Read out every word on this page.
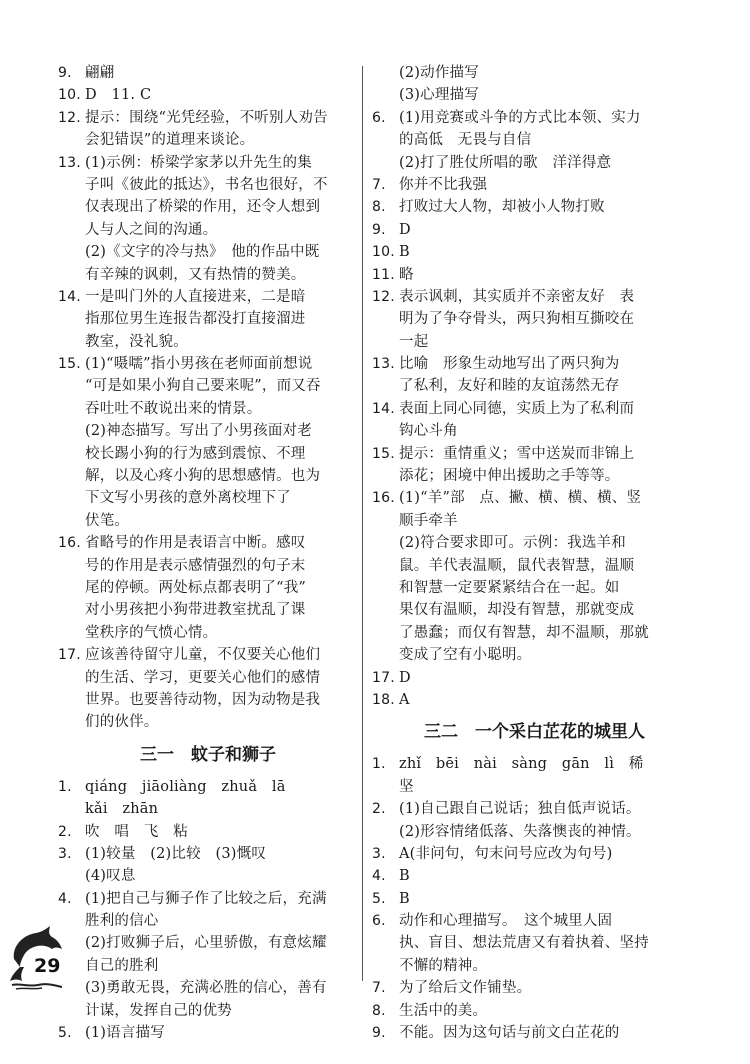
9. 翩翩
10. D　11. C
12. 提示：围绕“光凭经验，不听别人劝告
会犯错误”的道理来谈论。
13. (1)示例：桥梁学家茅以升先生的集
子叫《彼此的抵达》，书名也很好，不
仅表现出了桥梁的作用，还令人想到
人与人之间的沟通。
(2)《文字的冷与热》　他的作品中既
有辛辣的讽刺，又有热情的赞美。
14. 一是叫门外的人直接进来，二是暗
指那位男生连报告都没打直接溜进
教室，没礼貌。
15. (1)“嗫嚅”指小男孩在老师面前想说
“可是如果小狗自己要来呢”，而又吞
吞吐吐不敢说出来的情景。
(2)神态描写。写出了小男孩面对老
校长踢小狗的行为感到震惊、不理
解，以及心疼小狗的思想感情。也为
下文写小男孩的意外离校埋下了
伏笔。
16. 省略号的作用是表语言中断。感叹
号的作用是表示感情强烈的句子末
尾的停顿。两处标点都表明了“我”
对小男孩把小狗带进教室扰乱了课
堂秩序的气愤心情。
17. 应该善待留守儿童，不仅要关心他们
的生活、学习，更要关心他们的感情
世界。也要善待动物，因为动物是我
们的伙伴。
三一　蚊子和狮子
1. qiáng　jiāoliàng　zhuǎ　lā
kǎi　zhān
2. 吹　唱　飞　粘
3. (1)较量　(2)比较　(3)慨叹
(4)叹息
4. (1)把自己与狮子作了比较之后，充满
胜利的信心
(2)打败狮子后，心里骄傲，有意炫耀
自己的胜利
(3)勇敢无畏，充满必胜的信心，善有
计谋，发挥自己的优势
5. (1)语言描写
(2)动作描写
(3)心理描写
6. (1)用竞赛或斗争的方式比本领、实力
的高低　无畏与自信
(2)打了胜仗所唱的歌　洋洋得意
7. 你并不比我强
8. 打败过大人物，却被小人物打败
9. D
10. B
11. 略
12. 表示讽刺，其实质并不亲密友好　表
明为了争夺骨头，两只狗相互撕咬在
一起
13. 比喻　形象生动地写出了两只狗为
了私利，友好和睦的友谊荡然无存
14. 表面上同心同德，实质上为了私利而
钩心斗角
15. 提示：重情重义；雪中送炭而非锦上
添花；困境中伸出援助之手等等。
16. (1)“羊”部　点、撇、横、横、横、竖
顺手牵羊
(2)符合要求即可。示例：我选羊和
鼠。羊代表温顺，鼠代表智慧，温顺
和智慧一定要紧紧结合在一起。如
果仅有温顺，却没有智慧，那就变成
了愚蠢；而仅有智慧，却不温顺，那就
变成了空有小聪明。
17. D
18. A
三二　一个采白芷花的城里人
1. zhǐ　bēi　nài　sàng　gān　lì　稀
坚
2. (1)自己跟自己说话；独自低声说话。
(2)形容情绪低落、失落懊丧的神情。
3. A(非问句，句末问号应改为句号)
4. B
5. B
6. 动作和心理描写。　这个城里人固
执、盲目、想法荒唐又有着执着、坚持
不懈的精神。
7. 为了给后文作铺垫。
8. 生活中的美。
9. 不能。因为这句话与前文白芷花的
29
